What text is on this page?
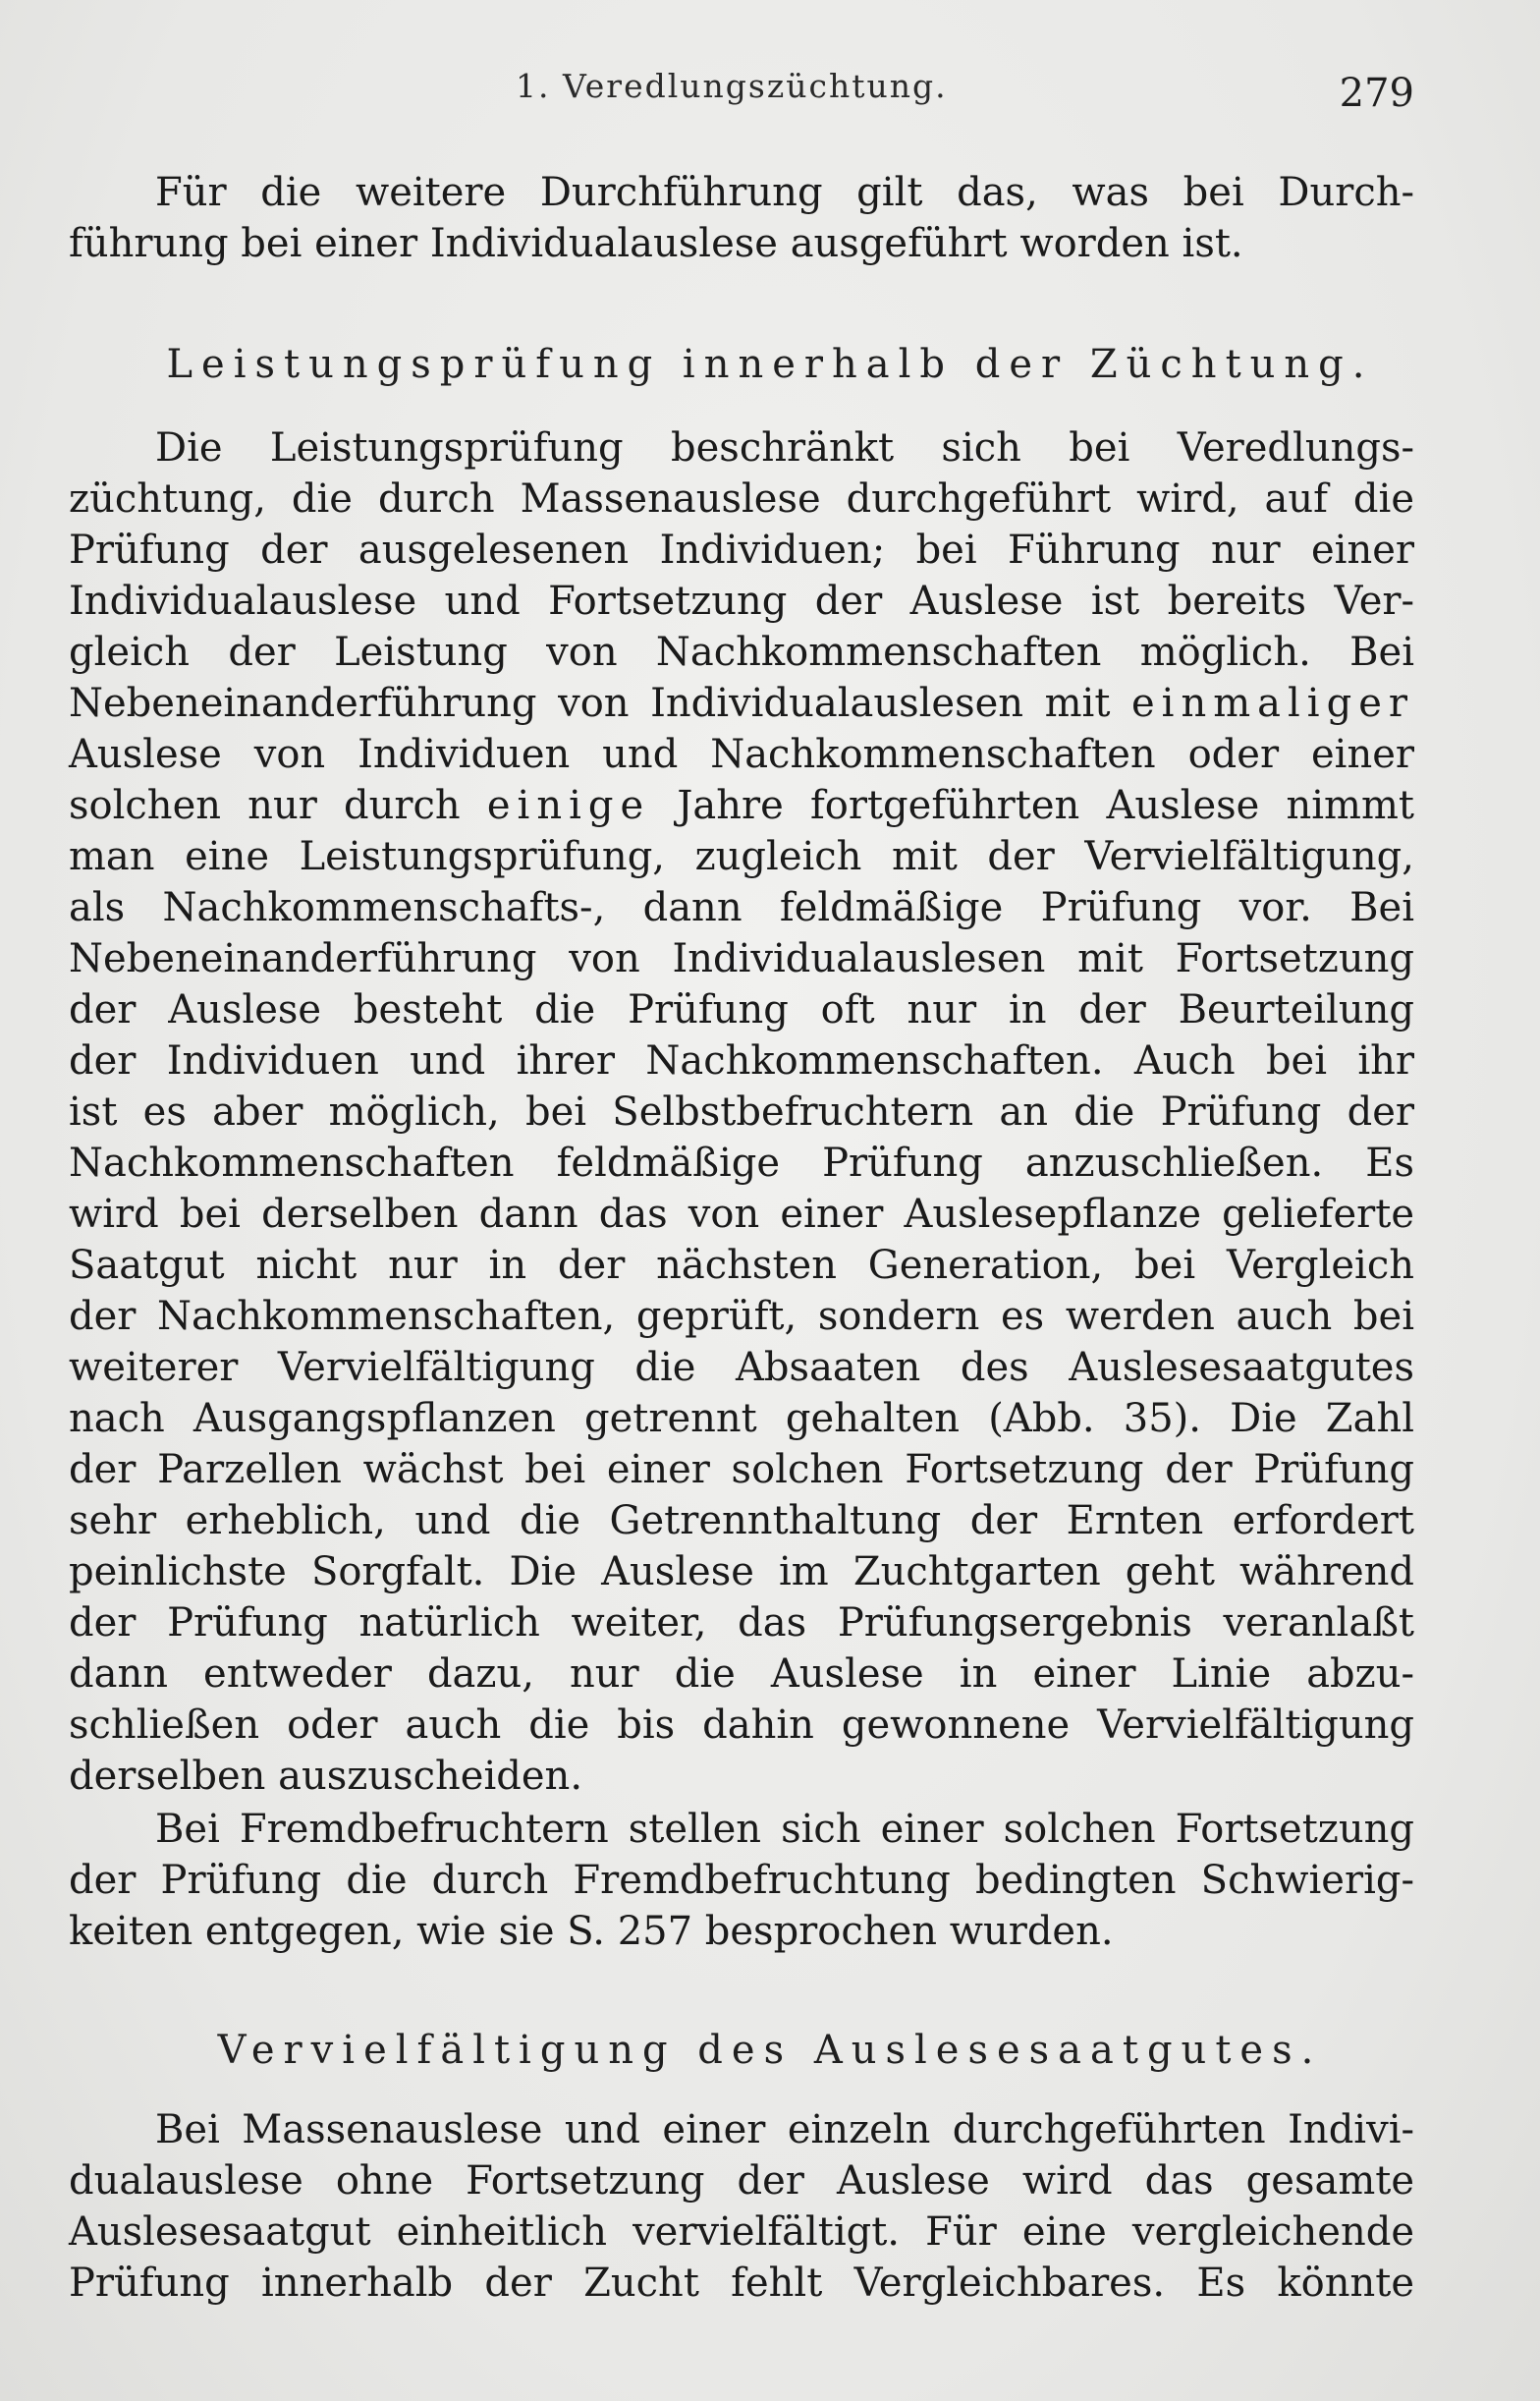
1. Veredlungszüchtung.	279
Für die weitere Durchführung gilt das, was bei Durch-
führung bei einer Individualauslese ausgeführt worden ist.
Leistungsprüfung innerhalb der Züchtung.
Die Leistungsprüfung beschränkt sich bei Veredlungs-
züchtung, die durch Massenauslese durchgeführt wird, auf die
Prüfung der ausgelesenen Individuen; bei Führung nur einer
Individualauslese und Fortsetzung der Auslese ist bereits Ver-
gleich der Leistung von Nachkommenschaften möglich. Bei
Nebeneinanderführung von Individualauslesen mit einmaliger
Auslese von Individuen und Nachkommenschaften oder einer
solchen nur durch einige Jahre fortgeführten Auslese nimmt
man eine Leistungsprüfung, zugleich mit der Vervielfältigung,
als Nachkommenschafts-, dann feldmäßige Prüfung vor. Bei
Nebeneinanderführung von Individualauslesen mit Fortsetzung
der Auslese besteht die Prüfung oft nur in der Beurteilung
der Individuen und ihrer Nachkommenschaften. Auch bei ihr
ist es aber möglich, bei Selbstbefruchtern an die Prüfung der
Nachkommenschaften feldmäßige Prüfung anzuschließen. Es
wird bei derselben dann das von einer Auslesepflanze gelieferte
Saatgut nicht nur in der nächsten Generation, bei Vergleich
der Nachkommenschaften, geprüft, sondern es werden auch bei
weiterer Vervielfältigung die Absaaten des Auslesesaatgutes
nach Ausgangspflanzen getrennt gehalten (Abb. 35). Die Zahl
der Parzellen wächst bei einer solchen Fortsetzung der Prüfung
sehr erheblich, und die Getrennthaltung der Ernten erfordert
peinlichste Sorgfalt. Die Auslese im Zuchtgarten geht während
der Prüfung natürlich weiter, das Prüfungsergebnis veranlaßt
dann entweder dazu, nur die Auslese in einer Linie abzu-
schließen oder auch die bis dahin gewonnene Vervielfältigung
derselben auszuscheiden.
Bei Fremdbefruchtern stellen sich einer solchen Fortsetzung
der Prüfung die durch Fremdbefruchtung bedingten Schwierig-
keiten entgegen, wie sie S. 257 besprochen wurden.
Vervielfältigung des Auslesesaatgutes.
Bei Massenauslese und einer einzeln durchgeführten Indivi-
dualauslese ohne Fortsetzung der Auslese wird das gesamte
Auslesesaatgut einheitlich vervielfältigt. Für eine vergleichende
Prüfung innerhalb der Zucht fehlt Vergleichbares. Es könnte
